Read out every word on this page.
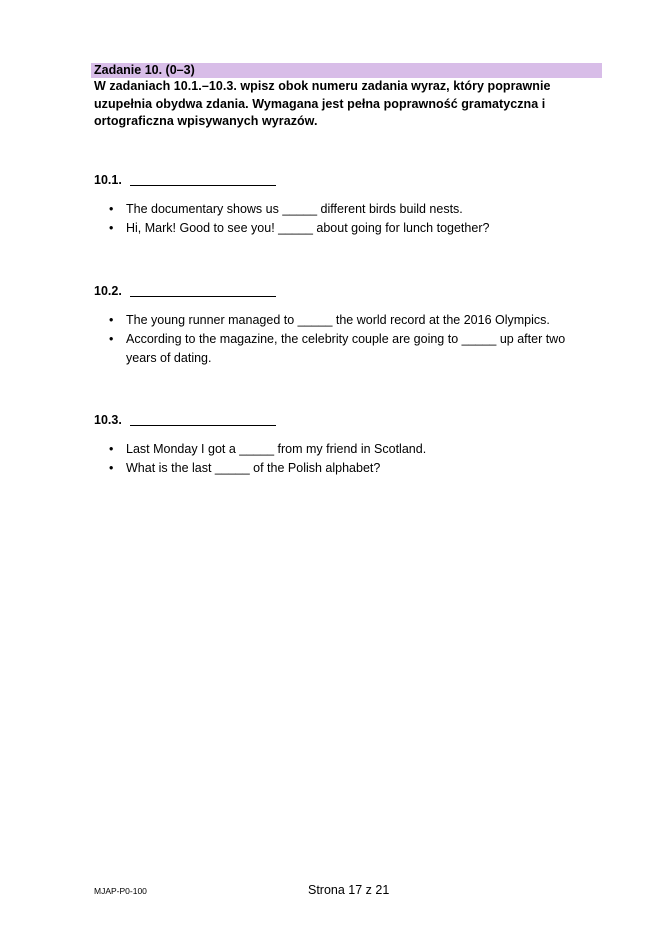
Zadanie 10. (0–3)
W zadaniach 10.1.–10.3. wpisz obok numeru zadania wyraz, który poprawnie uzupełnia obydwa zdania. Wymagana jest pełna poprawność gramatyczna i ortograficzna wpisywanych wyrazów.
10.1.
• The documentary shows us _____ different birds build nests.
• Hi, Mark! Good to see you! _____ about going for lunch together?
10.2.
• The young runner managed to _____ the world record at the 2016 Olympics.
• According to the magazine, the celebrity couple are going to _____ up after two years of dating.
10.3.
• Last Monday I got a _____ from my friend in Scotland.
• What is the last _____ of the Polish alphabet?
MJAP-P0-100	Strona 17 z 21
